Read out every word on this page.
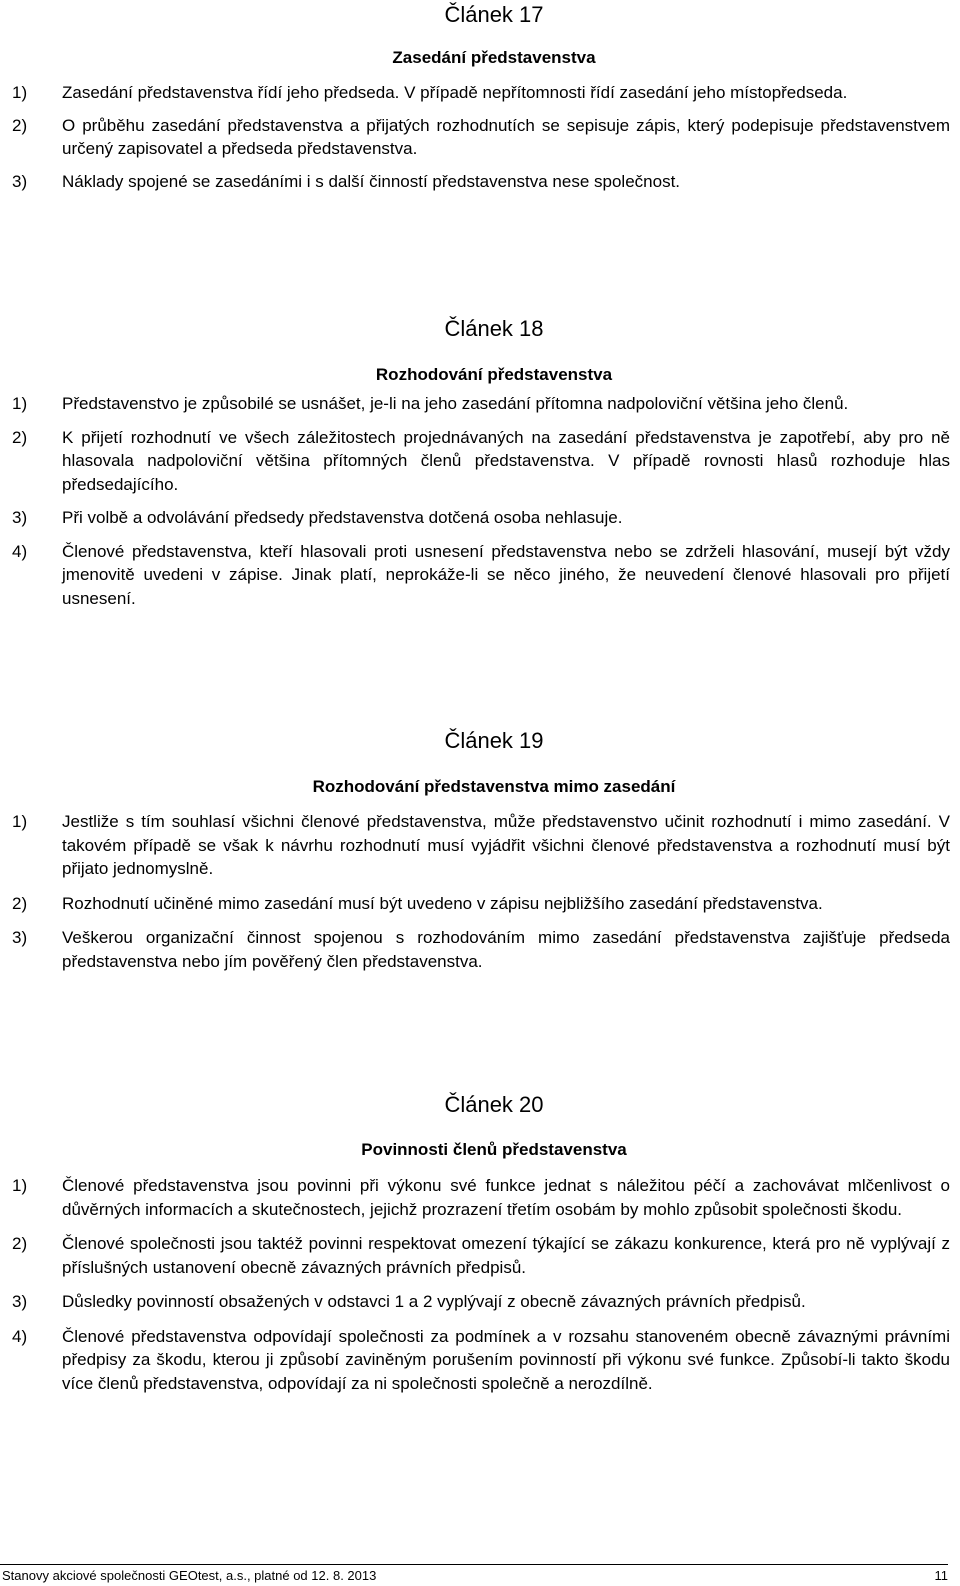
Článek 17
Zasedání představenstva
1)	Zasedání představenstva řídí jeho předseda. V případě nepřítomnosti řídí zasedání jeho místopředseda.
2)	O průběhu zasedání představenstva a přijatých rozhodnutích se sepisuje zápis, který podepisuje představenstvem určený zapisovatel a předseda představenstva.
3)	Náklady spojené se zasedáními i s další činností představenstva nese společnost.
Článek 18
Rozhodování představenstva
1)	Představenstvo je způsobilé se usnášet, je-li na jeho zasedání přítomna nadpoloviční většina jeho členů.
2)	K přijetí rozhodnutí ve všech záležitostech projednávaných na zasedání představenstva je zapotřebí, aby pro ně hlasovala nadpoloviční většina přítomných členů představenstva. V případě rovnosti hlasů rozhoduje hlas předsedajícího.
3)	Při volbě a odvolávání předsedy představenstva dotčená osoba nehlasuje.
4)	Členové představenstva, kteří hlasovali proti usnesení představenstva nebo se zdrželi hlasování, musejí být vždy jmenovitě uvedeni v zápise. Jinak platí, neprokáže-li se něco jiného, že neuvedení členové hlasovali pro přijetí usnesení.
Článek 19
Rozhodování představenstva mimo zasedání
1)	Jestliže s tím souhlasí všichni členové představenstva, může představenstvo učinit rozhodnutí i mimo zasedání. V takovém případě se však k návrhu rozhodnutí musí vyjádřit všichni členové představenstva a rozhodnutí musí být přijato jednomyslně.
2)	Rozhodnutí učiněné mimo zasedání musí být uvedeno v zápisu nejbližšího zasedání představenstva.
3)	Veškerou organizační činnost spojenou s rozhodováním mimo zasedání představenstva zajišťuje předseda představenstva nebo jím pověřený člen představenstva.
Článek 20
Povinnosti členů představenstva
1)	Členové představenstva jsou povinni při výkonu své funkce jednat s náležitou péčí a zachovávat mlčenlivost o důvěrných informacích a skutečnostech, jejichž prozrazení třetím osobám by mohlo způsobit společnosti škodu.
2)	Členové společnosti jsou taktéž povinni respektovat omezení týkající se zákazu konkurence, která pro ně vyplývají z příslušných ustanovení obecně závazných právních předpisů.
3)	Důsledky povinností obsažených v odstavci 1 a 2 vyplývají z obecně závazných právních předpisů.
4)	Členové představenstva odpovídají společnosti za podmínek a v rozsahu stanoveném obecně závaznými právními předpisy za škodu, kterou ji způsobí zaviněným porušením povinností při výkonu své funkce. Způsobí-li takto škodu více členů představenstva, odpovídají za ni společnosti společně a nerozdílně.
Stanovy akciové společnosti GEOtest, a.s., platné od 12. 8. 2013	11
